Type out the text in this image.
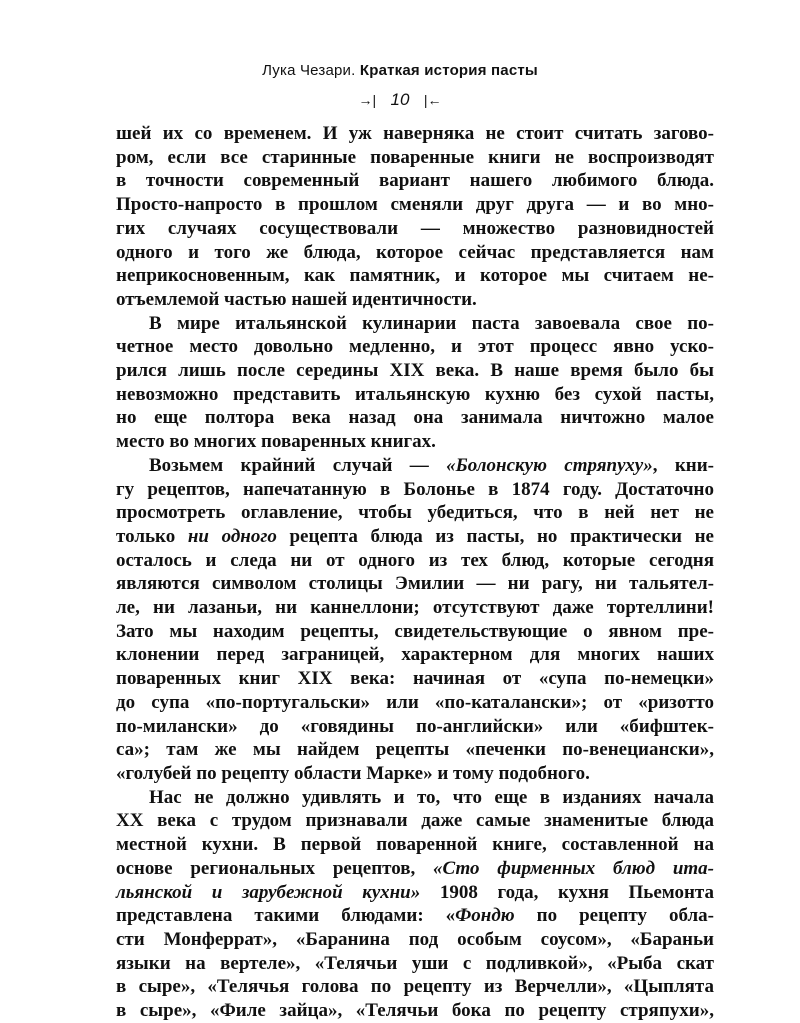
Лука Чезари. Краткая история пасты
→| 10 |←
шей их со временем. И уж наверняка не стоит считать загово-
ром, если все старинные поваренные книги не воспроизводят
в точности современный вариант нашего любимого блюда.
Просто-напросто в прошлом сменяли друг друга — и во мно-
гих случаях сосуществовали — множество разновидностей
одного и того же блюда, которое сейчас представляется нам
неприкосновенным, как памятник, и которое мы считаем не-
отъемлемой частью нашей идентичности.
В мире итальянской кулинарии паста завоевала свое по-
четное место довольно медленно, и этот процесс явно уско-
рился лишь после середины XIX века. В наше время было бы
невозможно представить итальянскую кухню без сухой пасты,
но еще полтора века назад она занимала ничтожно малое
место во многих поваренных книгах.
Возьмем крайний случай — «Болонскую стряпуху», кни-
гу рецептов, напечатанную в Болонье в 1874 году. Достаточно
просмотреть оглавление, чтобы убедиться, что в ней нет не
только ни одного рецепта блюда из пасты, но практически не
осталось и следа ни от одного из тех блюд, которые сегодня
являются символом столицы Эмилии — ни рагу, ни тальятел-
ле, ни лазаньи, ни каннеллони; отсутствуют даже тортеллини!
Зато мы находим рецепты, свидетельствующие о явном пре-
клонении перед заграницей, характерном для многих наших
поваренных книг XIX века: начиная от «супа по-немецки»
до супа «по-португальски» или «по-каталански»; от «ризотто
по-милански» до «говядины по-английски» или «бифштек-
са»; там же мы найдем рецепты «печенки по-венециански»,
«голубей по рецепту области Марке» и тому подобного.
Нас не должно удивлять и то, что еще в изданиях начала
XX века с трудом признавали даже самые знаменитые блюда
местной кухни. В первой поваренной книге, составленной на
основе региональных рецептов, «Сто фирменных блюд ита-
льянской и зарубежной кухни» 1908 года, кухня Пьемонта
представлена такими блюдами: «Фондю по рецепту обла-
сти Монферрат», «Баранина под особым соусом», «Бараньи
языки на вертеле», «Телячьи уши с подливкой», «Рыба скат
в сыре», «Телячья голова по рецепту из Верчелли», «Цыплята
в сыре», «Филе зайца», «Телячьи бока по рецепту стряпухи»,
